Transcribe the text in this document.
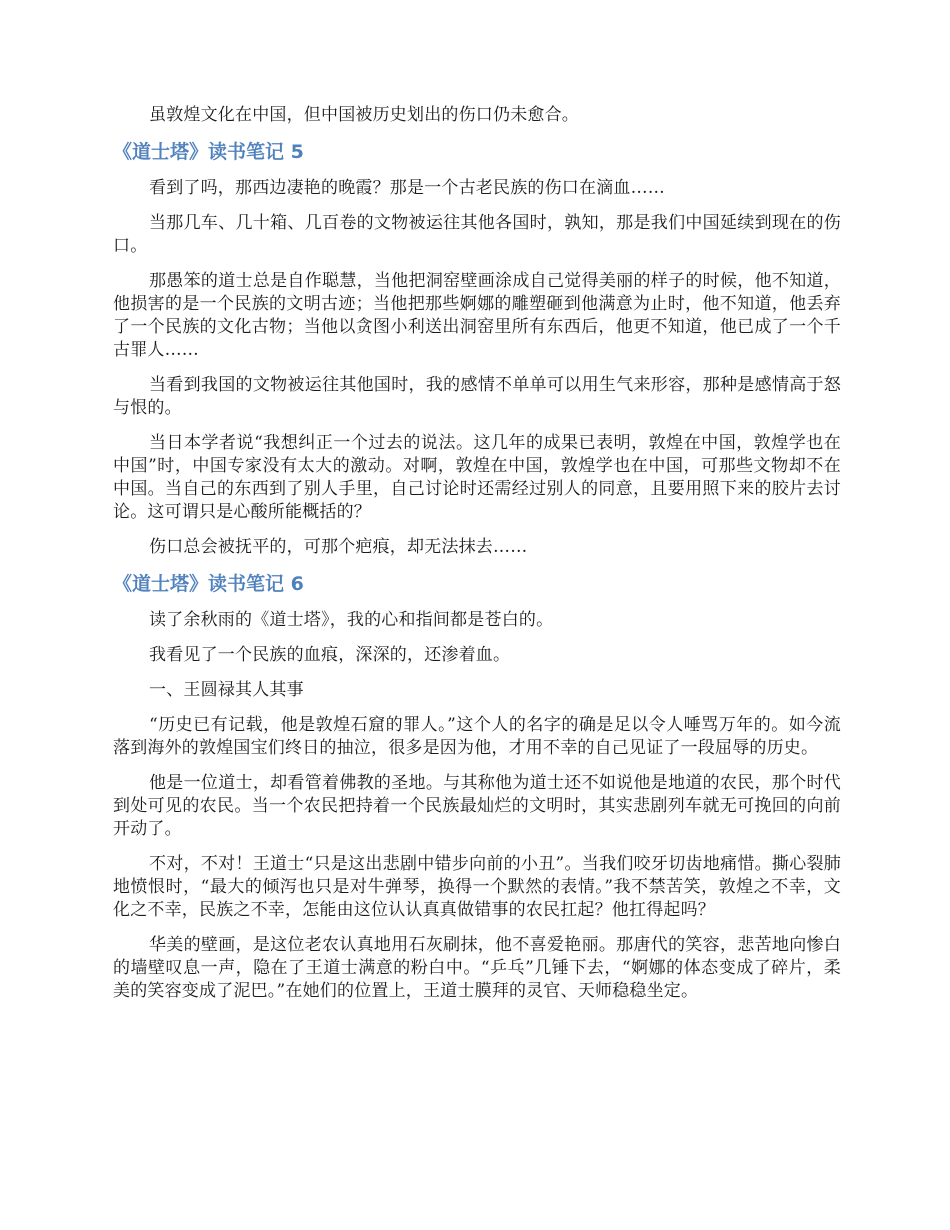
虽敦煌文化在中国，但中国被历史划出的伤口仍未愈合。

《道士塔》读书笔记 5

看到了吗，那西边凄艳的晚霞？那是一个古老民族的伤口在滴血……

当那几车、几十箱、几百卷的文物被运往其他各国时，孰知，那是我们中国延续到现在的伤口。

那愚笨的道士总是自作聪慧，当他把洞窑壁画涂成自己觉得美丽的样子的时候，他不知道，他损害的是一个民族的文明古迹；当他把那些婀娜的雕塑砸到他满意为止时，他不知道，他丢弃了一个民族的文化古物；当他以贪图小利送出洞窑里所有东西后，他更不知道，他已成了一个千古罪人……

当看到我国的文物被运往其他国时，我的感情不单单可以用生气来形容，那种是感情高于怒与恨的。

当日本学者说“我想纠正一个过去的说法。这几年的成果已表明，敦煌在中国，敦煌学也在中国”时，中国专家没有太大的激动。对啊，敦煌在中国，敦煌学也在中国，可那些文物却不在中国。当自己的东西到了别人手里，自己讨论时还需经过别人的同意，且要用照下来的胶片去讨论。这可谓只是心酸所能概括的？

伤口总会被抚平的，可那个疤痕，却无法抹去……

《道士塔》读书笔记 6

读了余秋雨的《道士塔》，我的心和指间都是苍白的。

我看见了一个民族的血痕，深深的，还渗着血。

一、王圆禄其人其事

“历史已有记载，他是敦煌石窟的罪人。”这个人的名字的确是足以令人唾骂万年的。如今流落到海外的敦煌国宝们终日的抽泣，很多是因为他，才用不幸的自己见证了一段屈辱的历史。

他是一位道士，却看管着佛教的圣地。与其称他为道士还不如说他是地道的农民，那个时代到处可见的农民。当一个农民把持着一个民族最灿烂的文明时，其实悲剧列车就无可挽回的向前开动了。

不对，不对！王道士“只是这出悲剧中错步向前的小丑”。当我们咬牙切齿地痛惜。撕心裂肺地愤恨时，“最大的倾泻也只是对牛弹琴，换得一个默然的表情。”我不禁苦笑，敦煌之不幸，文化之不幸，民族之不幸，怎能由这位认认真真做错事的农民扛起？他扛得起吗？

华美的壁画，是这位老农认真地用石灰刷抹，他不喜爱艳丽。那唐代的笑容，悲苦地向惨白的墙壁叹息一声，隐在了王道士满意的粉白中。“乒乓”几锤下去，“婀娜的体态变成了碎片，柔美的笑容变成了泥巴。”在她们的位置上，王道士膜拜的灵官、天师稳稳坐定。
